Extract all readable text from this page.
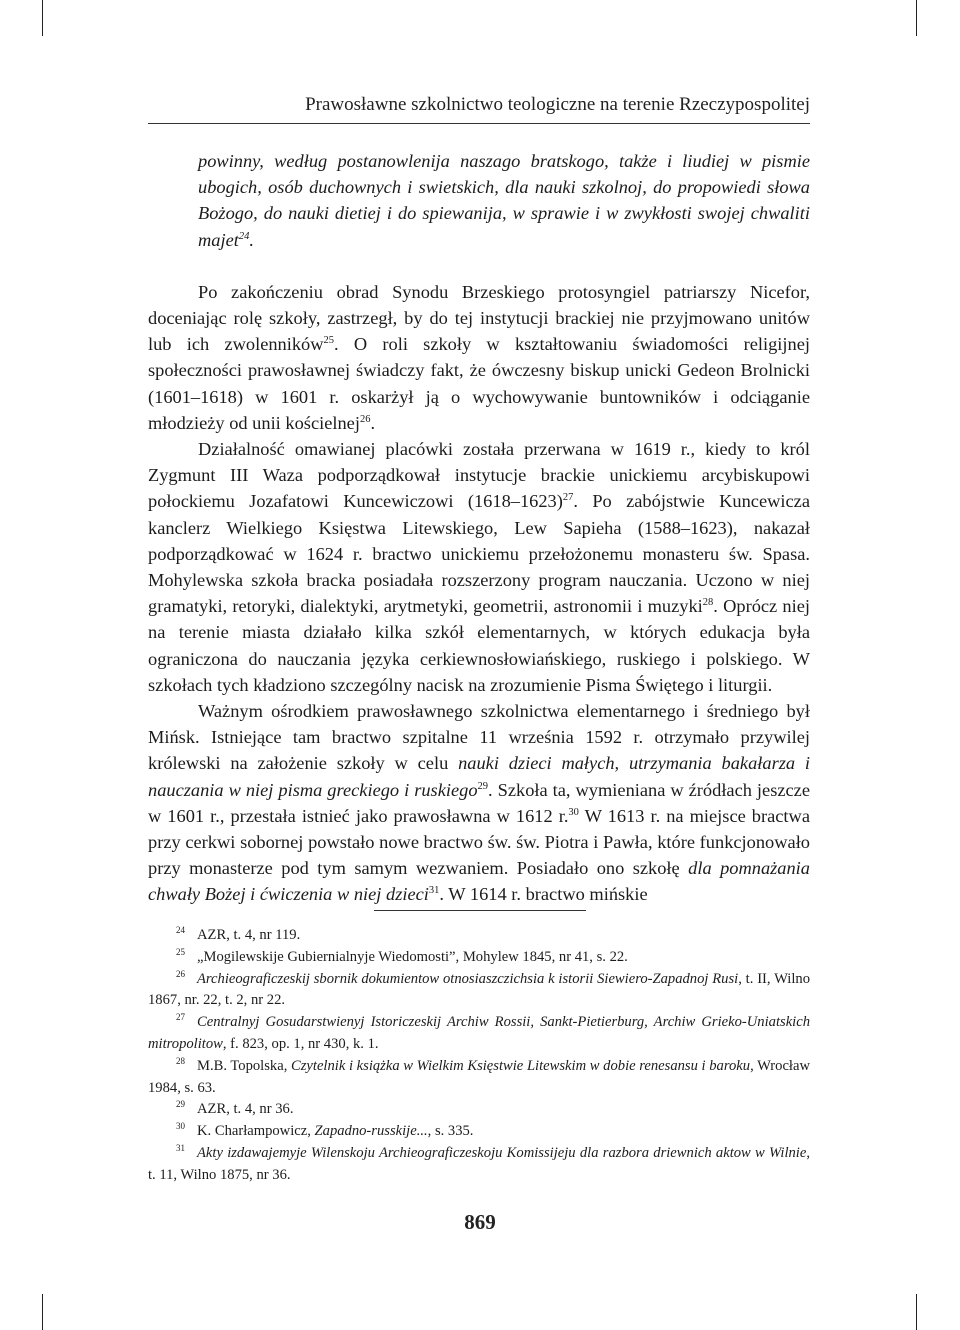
Prawosławne szkolnictwo teologiczne na terenie Rzeczypospolitej

powinny, według postanowlenija naszago bratskogo, także i liudiej w pismie ubogich, osób duchownych i swietskich, dla nauki szkolnoj, do propowiedi słowa Bożogo, do nauki dietiej i do spiewanija, w sprawie i w zwykłosti swojej chwaliti majet$^{24}$.

Po zakończeniu obrad Synodu Brzeskiego protosyngiel patriarszy Nicefor, doceniając rolę szkoły, zastrzegł, by do tej instytucji brackiej nie przyjmowano unitów lub ich zwolenników$^{25}$. O roli szkoły w kształtowaniu świadomości religijnej społeczności prawosławnej świadczy fakt, że ówczesny biskup unicki Gedeon Brolnicki (1601–1618) w 1601 r. oskarżył ją o wychowywanie buntowników i odciąganie młodzieży od unii kościelnej$^{26}$.

Działalność omawianej placówki została przerwana w 1619 r., kiedy to król Zygmunt III Waza podporządkował instytucje brackie unickiemu arcybiskupowi połockiemu Jozafatowi Kuncewiczowi (1618–1623)$^{27}$. Po zabójstwie Kuncewicza kanclerz Wielkiego Księstwa Litewskiego, Lew Sapieha (1588–1623), nakazał podporządkować w 1624 r. bractwo unickiemu przełożonemu monasteru św. Spasa. Mohylewska szkoła bracka posiadała rozszerzony program nauczania. Uczono w niej gramatyki, retoryki, dialektyki, arytmetyki, geometrii, astronomii i muzyki$^{28}$. Oprócz niej na terenie miasta działało kilka szkół elementarnych, w których edukacja była ograniczona do nauczania języka cerkiewnosłowiańskiego, ruskiego i polskiego. W szkołach tych kładziono szczególny nacisk na zrozumienie Pisma Świętego i liturgii.

Ważnym ośrodkiem prawosławnego szkolnictwa elementarnego i średniego był Mińsk. Istniejące tam bractwo szpitalne 11 września 1592 r. otrzymało przywilej królewski na założenie szkoły w celu nauki dzieci małych, utrzymania bakałarza i nauczania w niej pisma greckiego i ruskiego$^{29}$. Szkoła ta, wymieniana w źródłach jeszcze w 1601 r., przestała istnieć jako prawosławna w 1612 r.$^{30}$ W 1613 r. na miejsce bractwa przy cerkwi sobornej powstało nowe bractwo św. św. Piotra i Pawła, które funkcjonowało przy monasterze pod tym samym wezwaniem. Posiadało ono szkołę dla pomnażania chwały Bożej i ćwiczenia w niej dzieci$^{31}$. W 1614 r. bractwo mińskie

$^{24}$ AZR, t. 4, nr 119.

$^{25}$ „Mogilewskije Gubiernialnyje Wiedomosti”, Mohylew 1845, nr 41, s. 22.

$^{26}$ Archieograficzeskij sbornik dokumientow otnosiaszczichsia k istorii Siewiero-Zapadnoj Rusi, t. II, Wilno 1867, nr. 22, t. 2, nr 22.

$^{27}$ Centralnyj Gosudarstwienyj Istoriczeskij Archiw Rossii, Sankt-Pietierburg, Archiw Grieko-Uniatskich mitropolitow, f. 823, op. 1, nr 430, k. 1.

$^{28}$ M.B. Topolska, Czytelnik i książka w Wielkim Księstwie Litewskim w dobie renesansu i baroku, Wrocław 1984, s. 63.

$^{29}$ AZR, t. 4, nr 36.

$^{30}$ K. Charłampowicz, Zapadno-russkije..., s. 335.

$^{31}$ Akty izdawajemyje Wilenskoju Archieograficzeskoju Komissijeju dla razbora driewnich aktow w Wilnie, t. 11, Wilno 1875, nr 36.

869
